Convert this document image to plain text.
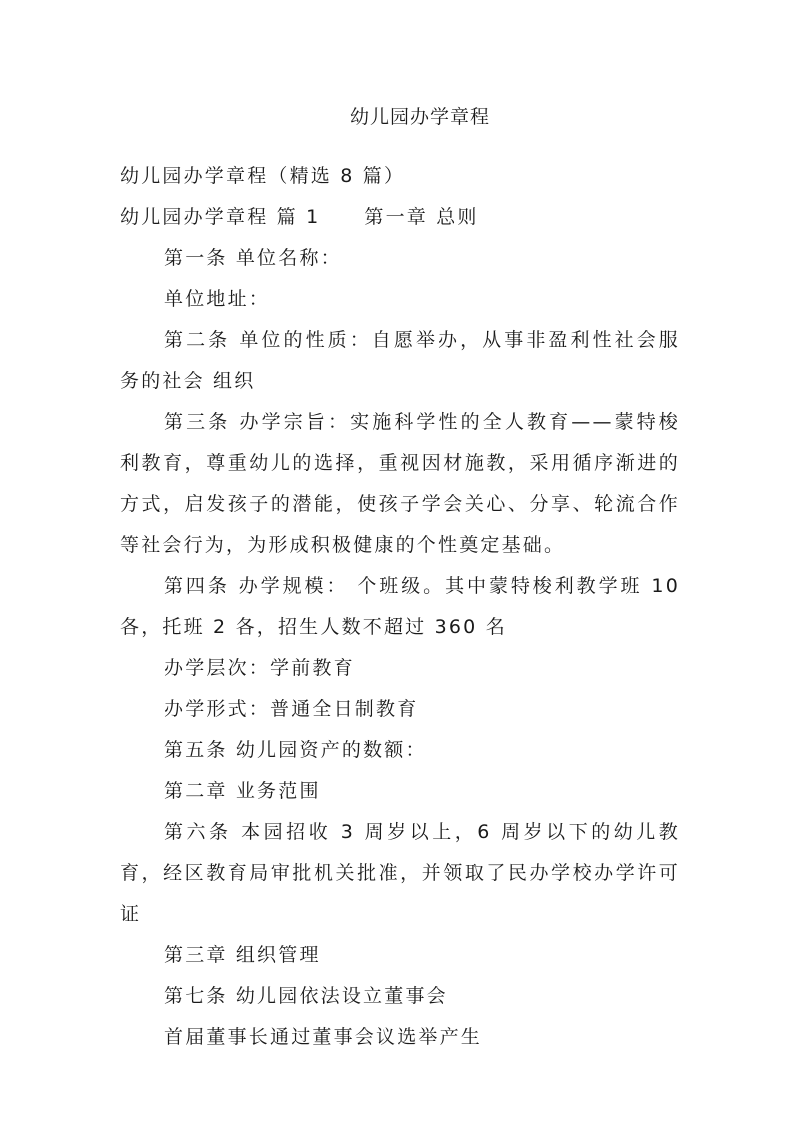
幼儿园办学章程

幼儿园办学章程（精选 8 篇）

幼儿园办学章程 篇 1 第一章 总则

第一条 单位名称：

单位地址：

第二条 单位的性质：自愿举办，从事非盈利性社会服务的社会 组织

第三条 办学宗旨：实施科学性的全人教育——蒙特梭利教育，尊重幼儿的选择，重视因材施教，采用循序渐进的方式，启发孩子的潜能，使孩子学会关心、分享、轮流合作等社会行为，为形成积极健康的个性奠定基础。

第四条 办学规模： 个班级。其中蒙特梭利教学班 10 各，托班 2 各，招生人数不超过 360 名

办学层次：学前教育

办学形式：普通全日制教育

第五条 幼儿园资产的数额：

第二章 业务范围

第六条 本园招收 3 周岁以上，6 周岁以下的幼儿教育，经区教育局审批机关批准，并领取了民办学校办学许可证

第三章 组织管理

第七条 幼儿园依法设立董事会

首届董事长通过董事会议选举产生
